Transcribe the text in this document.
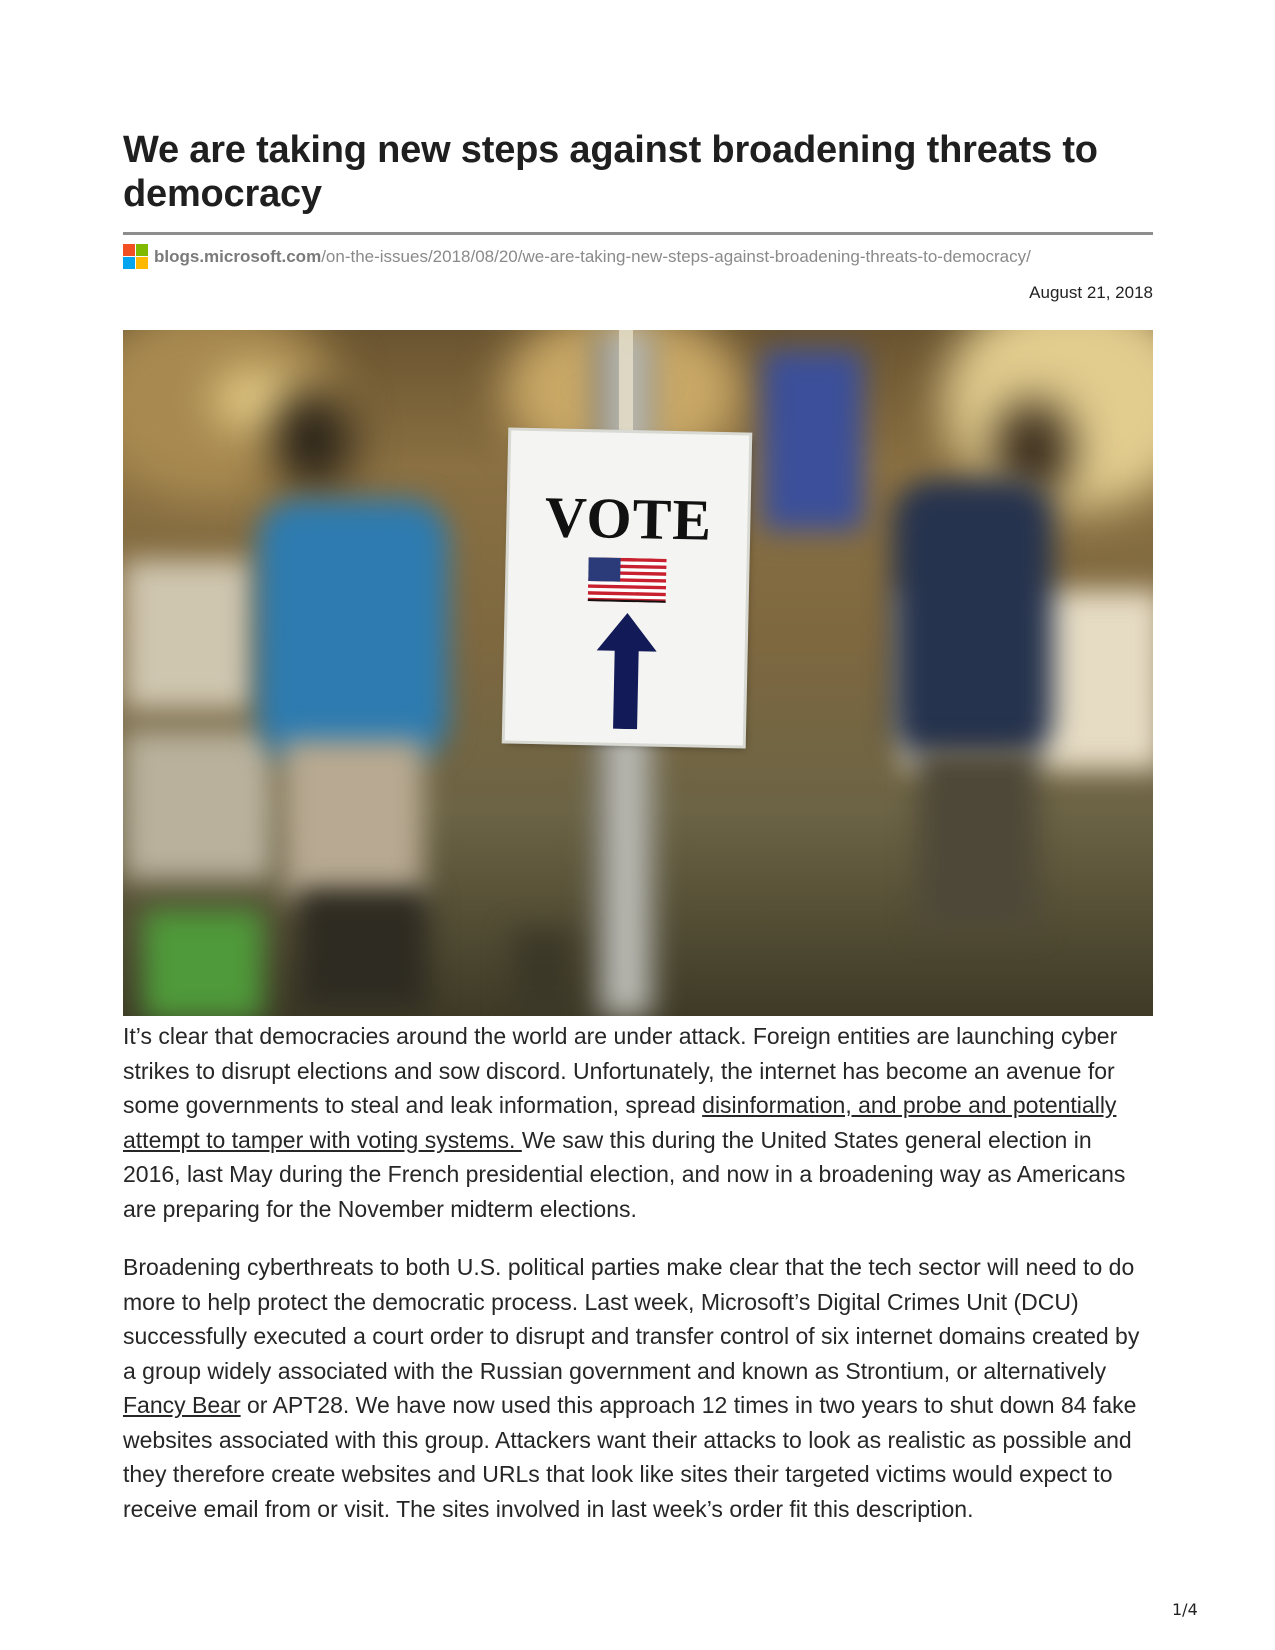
We are taking new steps against broadening threats to democracy
blogs.microsoft.com /on-the-issues/2018/08/20/we-are-taking-new-steps-against-broadening-threats-to-democracy/
August 21, 2018
VOTE

It’s clear that democracies around the world are under attack. Foreign entities are launching cyber strikes to disrupt elections and sow discord. Unfortunately, the internet has become an avenue for some governments to steal and leak information, spread disinformation, and probe and potentially attempt to tamper with voting systems. We saw this during the United States general election in 2016, last May during the French presidential election, and now in a broadening way as Americans are preparing for the November midterm elections.

Broadening cyberthreats to both U.S. political parties make clear that the tech sector will need to do more to help protect the democratic process. Last week, Microsoft’s Digital Crimes Unit (DCU) successfully executed a court order to disrupt and transfer control of six internet domains created by a group widely associated with the Russian government and known as Strontium, or alternatively Fancy Bear or APT28. We have now used this approach 12 times in two years to shut down 84 fake websites associated with this group. Attackers want their attacks to look as realistic as possible and they therefore create websites and URLs that look like sites their targeted victims would expect to receive email from or visit. The sites involved in last week’s order fit this description.

1/4
